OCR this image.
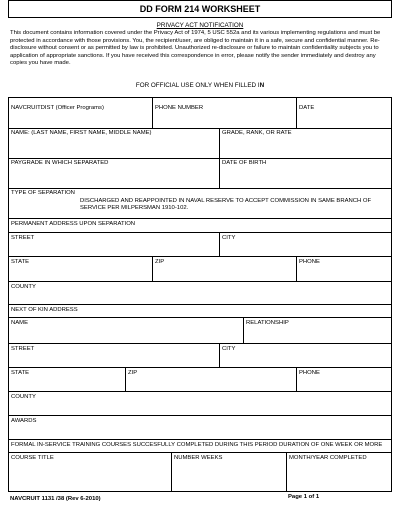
DD FORM 214 WORKSHEET
PRIVACY ACT NOTIFICATION
This document contains information covered under the Privacy Act of 1974, 5 USC 552a and its various implementing regulations and must be protected in accordance with those provisions. You, the recipient/user, are obliged to maintain it in a safe, secure and confidential manner. Re-disclosure without consent or as permitted by law is prohibited. Unauthorized re-disclosure or failure to maintain confidentiality subjects you to application of appropriate sanctions. If you have received this correspondence in error, please notify the sender immediately and destroy any copies you have made.
FOR OFFICIAL USE ONLY WHEN FILLED IN
NAVCRUITDIST (Officer Programs)	PHONE NUMBER	DATE
NAME: (LAST NAME, FIRST NAME, MIDDLE NAME)	GRADE, RANK, OR RATE
PAYGRADE IN WHICH SEPARATED	DATE OF BIRTH
TYPE OF SEPARATION
DISCHARGED AND REAPPOINTED IN NAVAL RESERVE TO ACCEPT COMMISSION IN SAME BRANCH OF SERVICE PER MILPERSMAN 1910-102.
PERMANENT ADDRESS UPON SEPARATION
STREET	CITY
STATE	ZIP	PHONE
COUNTY
NEXT OF KIN ADDRESS
NAME	RELATIONSHIP
STREET	CITY
STATE	ZIP	PHONE
COUNTY
AWARDS
FORMAL IN-SERVICE TRAINING COURSES SUCCESFULLY COMPLETED DURING THIS PERIOD DURATION OF ONE WEEK OR MORE
COURSE TITLE	NUMBER WEEKS	MONTH/YEAR COMPLETED
NAVCRUIT 1131 /38 (Rev 6-2010)	Page 1 of 1
